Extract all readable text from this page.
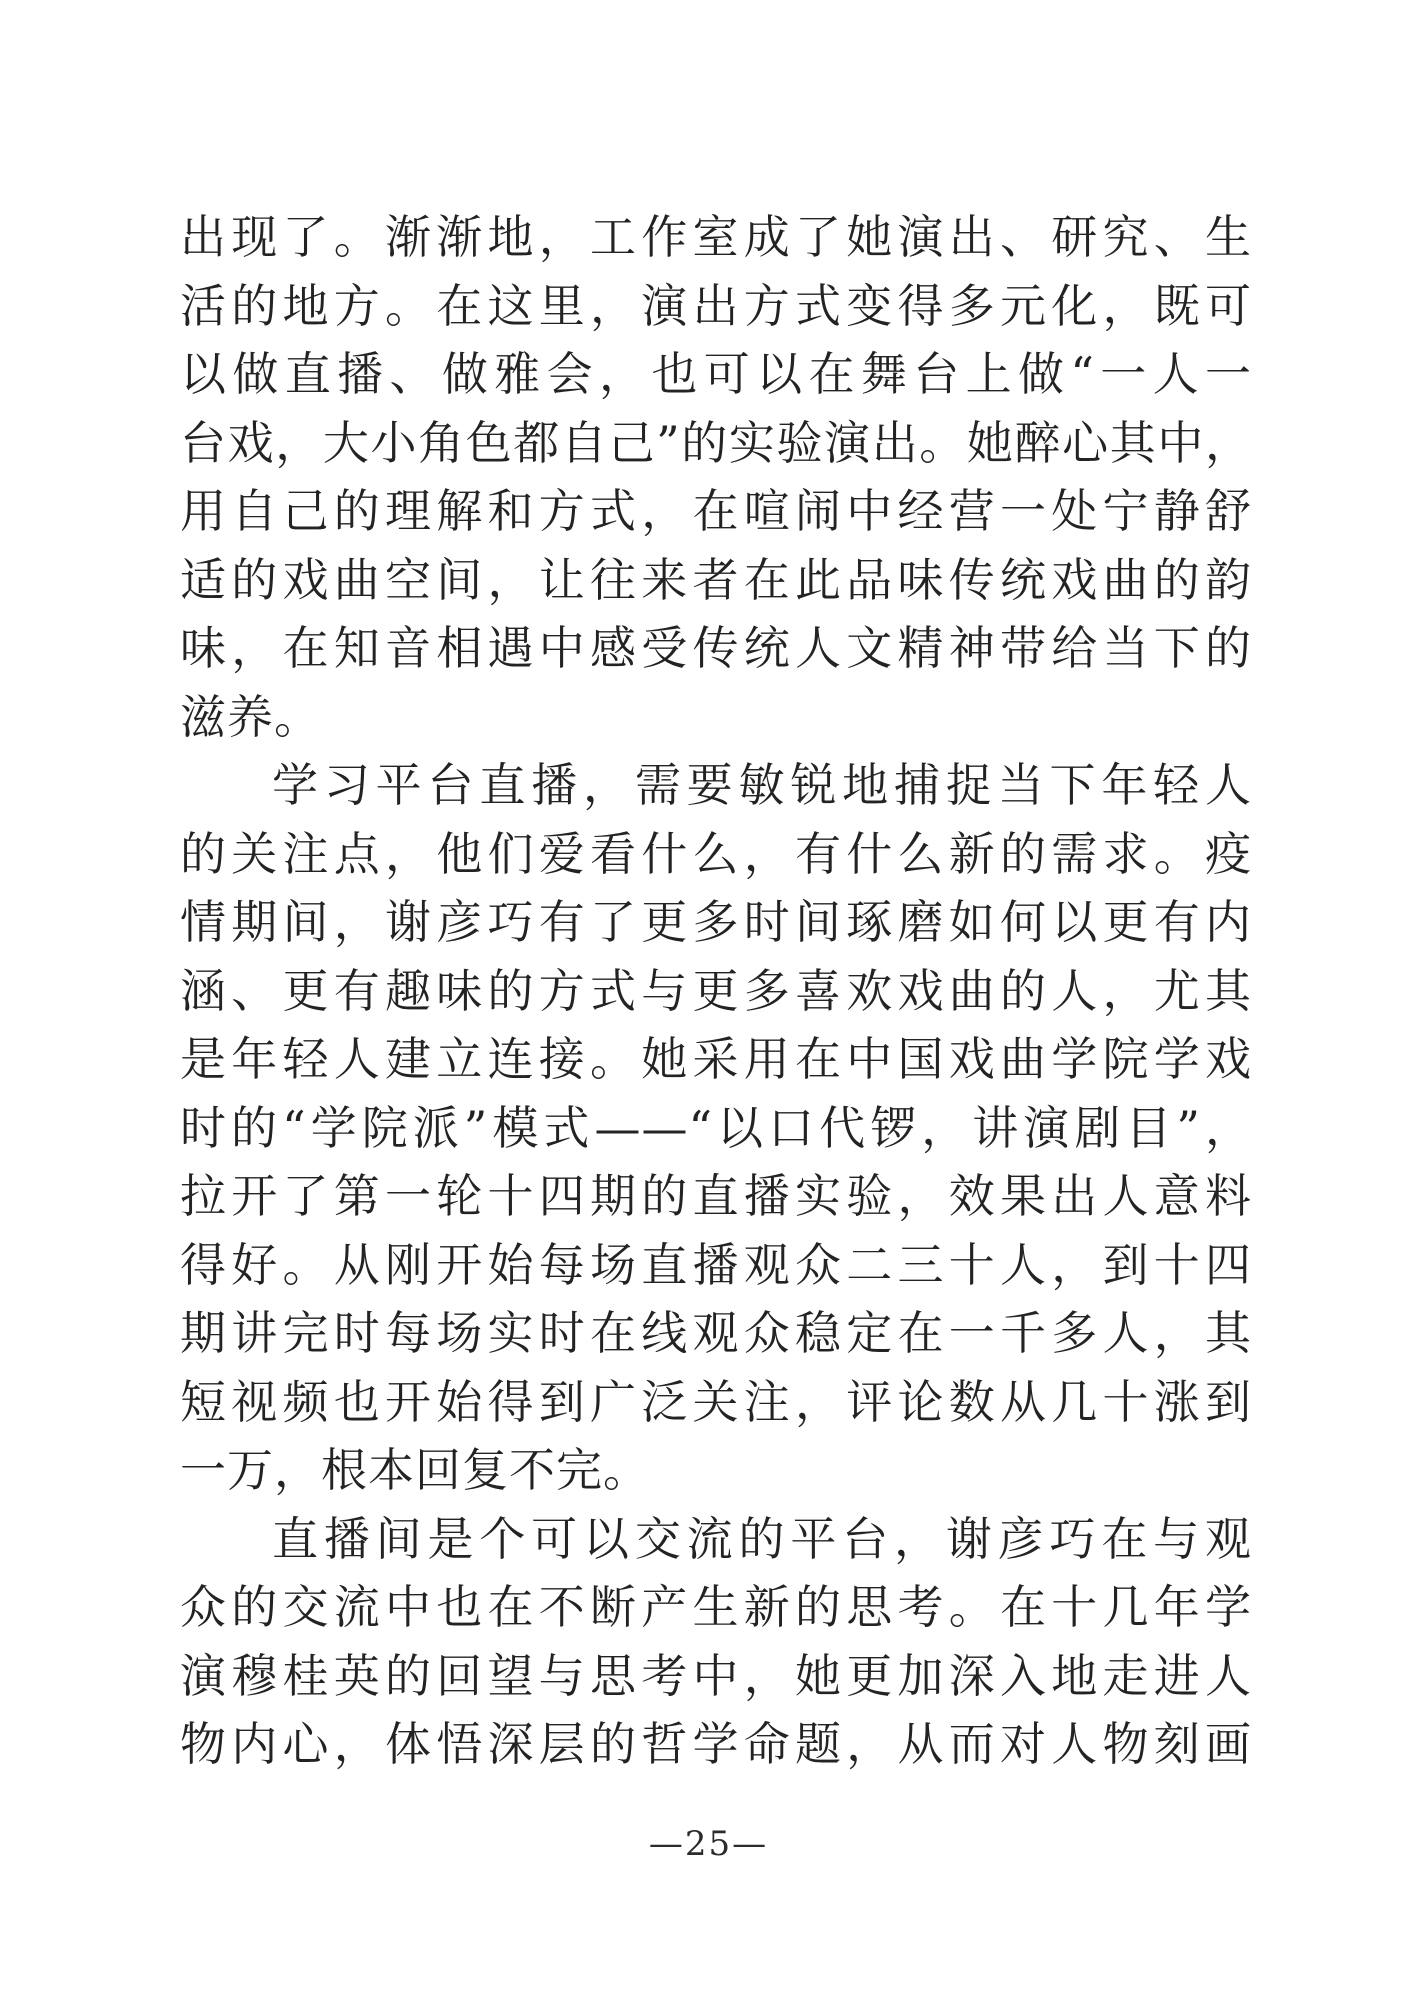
出现了。渐渐地，工作室成了她演出、研究、生
活的地方。在这里，演出方式变得多元化，既可
以做直播、做雅会，也可以在舞台上做“一人一
台戏，大小角色都自己”的实验演出。她醉心其中，
用自己的理解和方式，在喧闹中经营一处宁静舒
适的戏曲空间，让往来者在此品味传统戏曲的韵
味，在知音相遇中感受传统人文精神带给当下的
滋养。
学习平台直播，需要敏锐地捕捉当下年轻人
的关注点，他们爱看什么，有什么新的需求。疫
情期间，谢彦巧有了更多时间琢磨如何以更有内
涵、更有趣味的方式与更多喜欢戏曲的人，尤其
是年轻人建立连接。她采用在中国戏曲学院学戏
时的“学院派”模式——“以口代锣，讲演剧目”，
拉开了第一轮十四期的直播实验，效果出人意料
得好。从刚开始每场直播观众二三十人，到十四
期讲完时每场实时在线观众稳定在一千多人，其
短视频也开始得到广泛关注，评论数从几十涨到
一万，根本回复不完。
直播间是个可以交流的平台，谢彦巧在与观
众的交流中也在不断产生新的思考。在十几年学
演穆桂英的回望与思考中，她更加深入地走进人
物内心，体悟深层的哲学命题，从而对人物刻画
—25—
